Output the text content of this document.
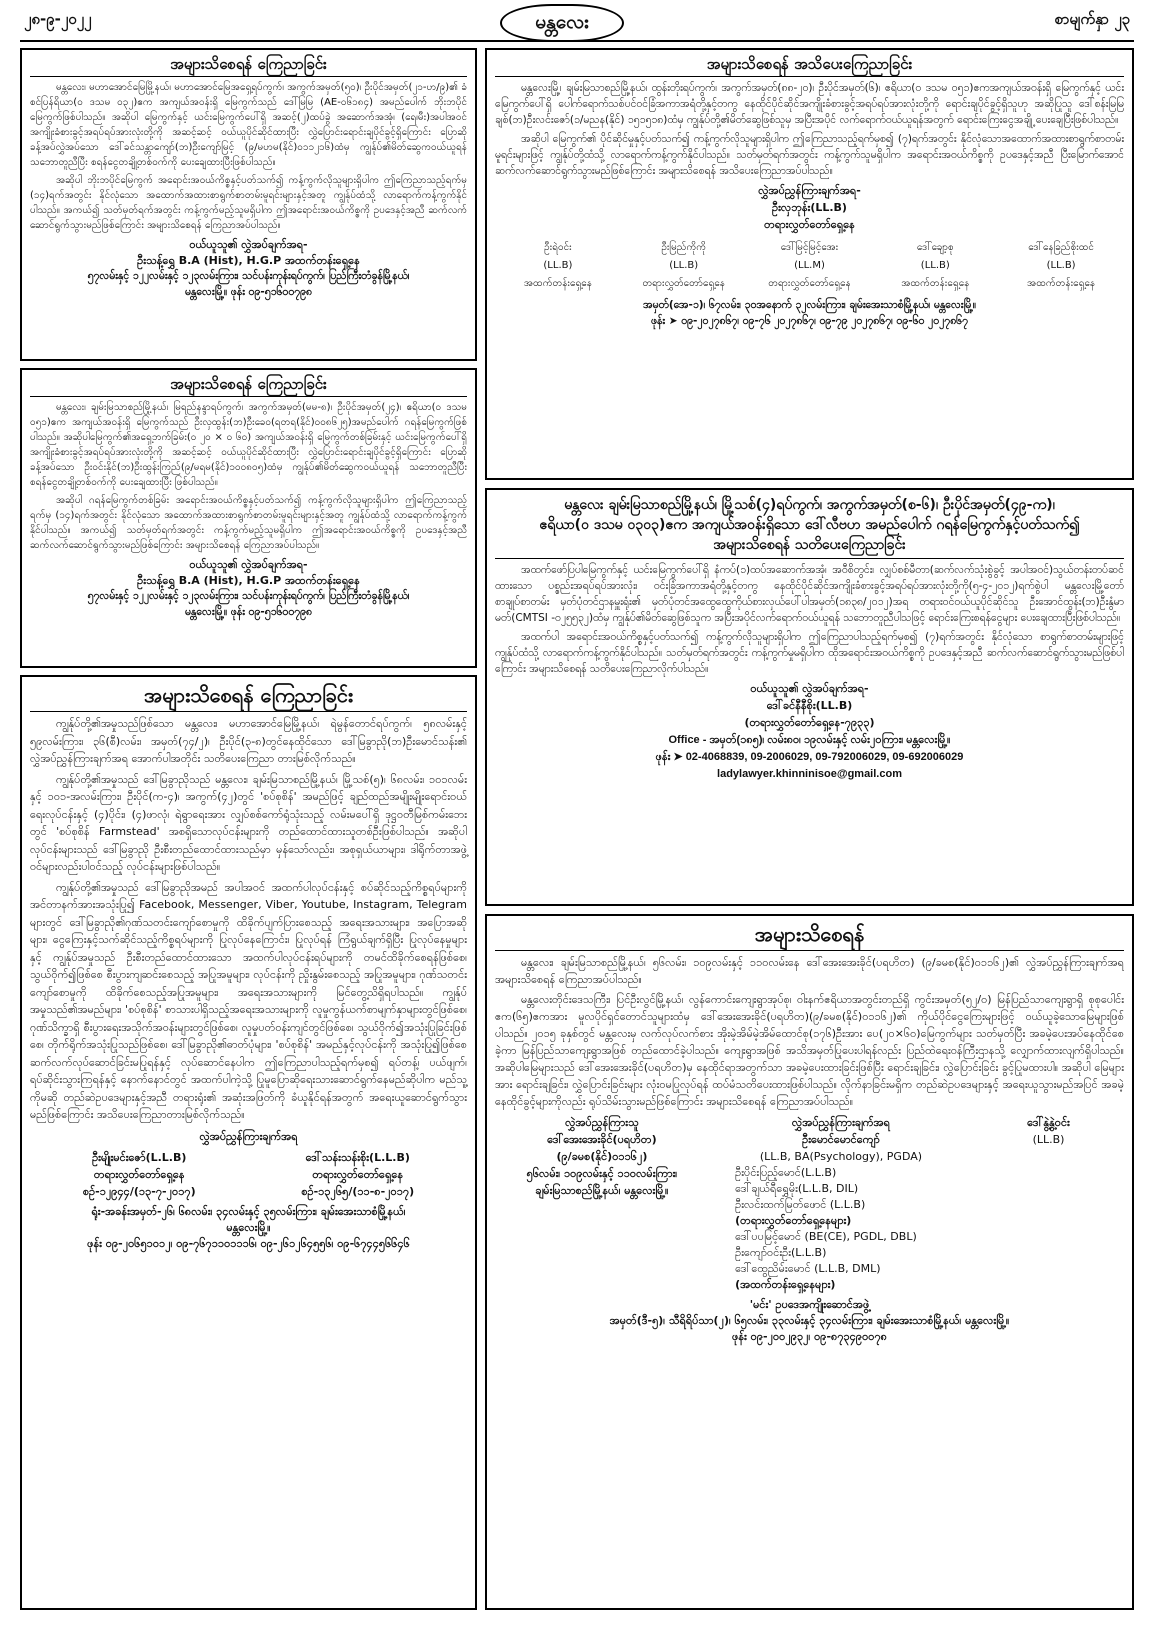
၂၈-၉-၂၀၂၂	မန္တလေး	စာမျက်နှာ ၂၃
အများသိစေရန် ကြေညာခြင်း

မန္တလေး၊ မဟာအောင်မြေမြို့နယ်၊ မဟာအောင်မြေအရှေ့ရပ်ကွက်၊ အကွက်အမှတ်(၅၀)၊ ဦးပိုင်အမှတ်(၂၁-ဟ/၉)၏ ခံစင်ပြန်ရိယာ(၀ ဒသမ ၀၃၂)ဧက အကျယ်အဝန်းရှိ မြေကွက်သည် ဒေါ်မြမြ (AE-၀၆၁၈၄) အမည်ပေါက် ဘိုးဘပိုင်မြေကွက်ဖြစ်ပါသည်။ အဆိုပါ မြေကွက်နှင့် ယင်းမြေကွက်ပေါ်ရှိ အဆင့်(၂)ထပ်ခွဲ အဆောက်အအုံ၊ (ရေ၊မီး)အပါအဝင် အကျိုးခံစားခွင့်အရပ်ရပ်အားလုံးတို့ကို အဆင့်ဆင့် ဝယ်ယူပိုင်ဆိုင်ထားပြီး လွှဲပြောင်းရောင်းချပိုင်ခွင့်ရှိကြောင်း ပြောဆိုခန့်အပ်လွှဲအပ်သော ဒေါ်ခင်သန္တာကျော်(ဘ)ဦးကျော်မြင့် (၉/မဟမ(နိုင်)၀၁၁၂၁၆)ထံမှ ကျွန်ုပ်၏မိတ်ဆွေကဝယ်ယူရန် သဘောတူညီပြီး စရန်ငွေတချို့တစ်ဝက်ကို ပေးချေထားပြီးဖြစ်ပါသည်။

အဆိုပါ ဘိုးဘပိုင်မြေကွက် အရောင်းအဝယ်ကိစ္စနှင့်ပတ်သက်၍ ကန့်ကွက်လိုသူများရှိပါက ဤကြေညာသည့်ရက်မှ (၁၄)ရက်အတွင်း နိုင်လုံသော အထောက်အထားစာရွက်စာတမ်းမူရင်းများနှင့်အတူ ကျွန်ုပ်ထံသို့ လာရောက်ကန့်ကွက်နိုင်ပါသည်။ အကယ်၍ သတ်မှတ်ရက်အတွင်း ကန့်ကွက်မည့်သူမရှိပါက ဤအရောင်းအဝယ်ကိစ္စကို ဥပဒေနှင့်အညီ ဆက်လက်ဆောင်ရွက်သွားမည်ဖြစ်ကြောင်း အများသိစေရန် ကြေညာအပ်ပါသည်။

ဝယ်ယူသူ၏ လွှဲအပ်ချက်အရ-
ဦးသန့်ရွှေ B.A (Hist), H.G.P အထက်တန်းရှေ့နေ
၅၇လမ်းနှင့် ၁၂၂လမ်းနှင့် ၁၂၃လမ်းကြား၊ သင်ပန်းကုန်းရပ်ကွက်၊ ပြည်ကြီးတံခွန်မြို့နယ်၊
မန္တလေးမြို့။ ဖုန်း ၀၉-၅၁၆၀၀၇၉၈
အများသိစေရန် ကြေညာခြင်း

မန္တလေး၊ ချမ်းမြသာစည်မြို့နယ်၊ မြရည်နန္ဒာရပ်ကွက်၊ အကွက်အမှတ်(မမ-၈)၊ ဦးပိုင်အမှတ်(၂၄)၊ ဧရိယာ(၀ ဒသမ ၀၅၁)ဧက အကျယ်အဝန်းရှိ မြေကွက်သည် ဦးလှထွန်း(ဘ)ဦးခေဝ(ရတရ(နိုင်)၀၀၈၆၂၅)အမည်ပေါက် ဂရန်မြေကွက်ဖြစ်ပါသည်။ အဆိုပါမြေကွက်၏အရှေ့ဘက်ခြမ်း(၀ ၂၀ × ၀ ၆၀) အကျယ်အဝန်းရှိ မြေကွက်တစ်ခြမ်းနှင့် ယင်းမြေကွက်ပေါ်ရှိ အကျိုးခံစားခွင့်အရပ်ရပ်အားလုံးတို့ကို အဆင့်ဆင့် ဝယ်ယူပိုင်ဆိုင်ထားပြီး လွှဲပြောင်းရောင်းချပိုင်ခွင့်ရှိကြောင်း ပြောဆိုခန့်အပ်သော ဦးဝင်းနိုင်(ဘ)ဦးထွန်းကြည်(၉/မရမ(နိုင်)၁၀၀၈၀၅)ထံမှ ကျွန်ုပ်၏မိတ်ဆွေကဝယ်ယူရန် သဘောတူညီပြီး စရန်ငွေတချို့တစ်ဝက်ကို ပေးချေထားပြီး ဖြစ်ပါသည်။

အဆိုပါ ဂရန်မြေကွက်တစ်ခြမ်း အရောင်းအဝယ်ကိစ္စနှင့်ပတ်သက်၍ ကန့်ကွက်လိုသူများရှိပါက ဤကြေညာသည့်ရက်မှ (၁၄)ရက်အတွင်း နိုင်လုံသော အထောက်အထားစာရွက်စာတမ်းမူရင်းများနှင့်အတူ ကျွန်ုပ်ထံသို့ လာရောက်ကန့်ကွက်နိုင်ပါသည်။ အကယ်၍ သတ်မှတ်ရက်အတွင်း ကန့်ကွက်မည့်သူမရှိပါက ဤအရောင်းအဝယ်ကိစ္စကို ဥပဒေနှင့်အညီ ဆက်လက်ဆောင်ရွက်သွားမည်ဖြစ်ကြောင်း အများသိစေရန် ကြေညာအပ်ပါသည်။

ဝယ်ယူသူ၏ လွှဲအပ်ချက်အရ-
ဦးသန့်ရွှေ B.A (Hist), H.G.P အထက်တန်းရှေ့နေ
၅၇လမ်းနှင့် ၁၂၂လမ်းနှင့် ၁၂၃လမ်းကြား၊ သင်ပန်းကုန်းရပ်ကွက်၊ ပြည်ကြီးတံခွန်မြို့နယ်၊
မန္တလေးမြို့။ ဖုန်း ၀၉-၅၁၆၀၀၇၉၈
အများသိစေရန် ကြေညာခြင်း

ကျွန်ုပ်တို့၏အမှုသည်ဖြစ်သော မန္တလေး၊ မဟာအောင်မြေမြို့နယ်၊ ရဲမွန်တောင်ရပ်ကွက်၊ ၅၈လမ်းနှင့် ၅၉လမ်းကြား၊ ၃၆(စီ)လမ်း၊ အမှတ်(၇၄/၂)၊ ဦးပိုင်(၃-၈)တွင်နေထိုင်သော ဒေါ်မြခွာညို(ဘ)ဦးမောင်သန်း၏ လွှဲအပ်ညွှန်ကြားချက်အရ အောက်ပါအတိုင်း သတိပေးကြေညာ တားမြစ်လိုက်သည်။

ကျွန်ုပ်တို့၏အမှုသည် ဒေါ်မြခွာညိုသည် မန္တလေး၊ ချမ်းမြသာစည်မြို့နယ်၊ မြို့သစ်(၅)၊ ၆၈လမ်း၊ ၁၀၁လမ်းနှင့် ၁၀၁-အလမ်းကြား၊ ဦးပိုင်(က-၄)၊ အကွက်(၄၂)တွင် 'စပ်စုစိန်' အမည်ဖြင့် ချည်ထည်အမျိုးမျိုးရောင်းဝယ်ရေးလုပ်ငန်းနှင့် (၄)ပိုင်း၊ (၄)ဖာလုံ၊ ရဲရွာရေးအား လျှပ်စစ်ကော်ရုံသုံးသည့် လမ်းမပေါ်ရှိ ဒုဋ္ဌဝတီမြစ်ကမ်းဘေးတွင် 'စပ်စုစိန် Farmstead' အစရှိသောလုပ်ငန်းများကို တည်ထောင်ထားသူတစ်ဦးဖြစ်ပါသည်။ အဆိုပါလုပ်ငန်းများသည် ဒေါ်မြခွာညို ဦးစီးတည်ထောင်ထားသည်မှာ မှန်သော်လည်း၊ အစုရှယ်ယာများ၊ ဒါရိုက်တာအဖွဲ့ဝင်များလည်းပါဝင်သည့် လုပ်ငန်းများဖြစ်ပါသည်။

ကျွန်ုပ်တို့၏အမှုသည် ဒေါ်မြခွာညိုအမည် အပါအဝင် အထက်ပါလုပ်ငန်းနှင့် စပ်ဆိုင်သည့်ကိစ္စရပ်များကို အင်တာနက်အားအသုံးပြု၍ Facebook, Messenger, Viber, Youtube, Instagram, Telegram များတွင် ဒေါ်မြခွာညို၏ဂုဏ်သတင်းကျော်စောမှုကို ထိခိုက်ပျက်ပြားစေသည့် အရေးအသားများ၊ အပြောအဆိုများ၊ ငွေကြေးနှင့်သက်ဆိုင်သည့်ကိစ္စရပ်များကို ပြုလုပ်နေကြောင်း၊ ပြုလုပ်ရန် ကြံရွယ်ချက်ရှိပြီး ပြုလုပ်နေမှုများနှင့် ကျွန်ုပ်အမှုသည် ဦးစီးတည်ထောင်ထားသော အထက်ပါလုပ်ငန်းရပ်များကို တမင်ထိခိုက်စေရန်ဖြစ်စေ၊ သွယ်ဝိုက်၍ဖြစ်စေ စီးပွားကျဆင်းစေသည့် အပြုအမူများ၊ လုပ်ငန်းကို ညှိုးနွမ်းစေသည့် အပြုအမူများ၊ ဂုဏ်သတင်းကျော်စောမှုကို ထိခိုက်စေသည့်အပြုအမူများ၊ အရေးအသားများကို မြင်တွေ့သိရှိရပါသည်။ ကျွန်ုပ်အမှုသည်၏အမည်များ၊ 'စပ်စုစိန်' စာသားပါရှိသည့်အရေးအသားများကို လူမှုကွန်ယက်စာမျက်နှာများတွင်ဖြစ်စေ၊ ဂုဏ်သိက္ခာရှိ စီးပွားရေးအသိုက်အဝန်းများတွင်ဖြစ်စေ၊ လူမှုပတ်ဝန်းကျင်တွင်ဖြစ်စေ၊ သွယ်ဝိုက်၍အသုံးပြုခြင်းဖြစ်စေ၊ တိုက်ရိုက်အသုံးပြုသည်ဖြစ်စေ၊ ဒေါ်မြခွာညို၏ဓာတ်ပုံများ၊ 'စပ်စုစိန်' အမည်နှင့်လုပ်ငန်းကို အသုံးပြု၍ဖြစ်စေ ဆက်လက်လုပ်ဆောင်ခြင်းမပြုရန်နှင့် လုပ်ဆောင်နေပါက ဤကြေညာပါသည့်ရက်မှစ၍ ရပ်တန့်၊ ပယ်ဖျက်၊ ရပ်ဆိုင်းသွားကြရန်နှင့် နောက်နောင်တွင် အထက်ပါကဲ့သို့ ပြုမူပြောဆိုရေးသားဆောင်ရွက်နေမည်ဆိုပါက မည်သူ့ကိုမဆို တည်ဆဲဥပဒေများနှင့်အညီ တရားရုံး၏ အဆုံးအဖြတ်ကို ခံယူနိုင်ရန်အတွက် အရေးယူဆောင်ရွက်သွားမည်ဖြစ်ကြောင်း အသိပေးကြေညာတားမြစ်လိုက်သည်။

လွှဲအပ်ညွှန်ကြားချက်အရ
ဦးမျိုးမင်းဇော်(L.L.B)
တရားလွှတ်တော်ရှေ့နေ
စဉ်-၁၂၉၄၄/(၁၃-၇-၂၀၁၇)
ဒေါ်သန်းသန်းစိုး(L.L.B)
တရားလွှတ်တော်ရှေ့နေ
စဉ်-၁၃၂၆၅/(၁၁-၈-၂၀၁၇)
ရုံး-အခန်းအမှတ်-၂၆၊ ၆၈လမ်း၊ ၃၄လမ်းနှင့် ၃၅လမ်းကြား၊ ချမ်းအေးသာစံမြို့နယ်၊
မန္တလေးမြို့။
ဖုန်း ၀၉-၂၀၆၅၁၀၁၂၊ ၀၉-၇၆၇၁၁၀၁၁၁၆၊ ၀၉-၂၆၁၂၆၄၅၅၆၊ ၀၉-၆၇၄၄၅၆၆၄၆
အများသိစေရန် အသိပေးကြေညာခြင်း

မန္တလေးမြို့၊ ချမ်းမြသာစည်မြို့နယ်၊ ထွန်းတိုးရပ်ကွက်၊ အကွက်အမှတ်(၈၈-၂၀)၊ ဦးပိုင်အမှတ်(၆)၊ ဧရိယာ(၀ ဒသမ ၀၅၁)ဧကအကျယ်အဝန်းရှိ မြေကွက်နှင့် ယင်းမြေကွက်ပေါ်ရှိ ပေါက်ရောက်သစ်ပင်ဝင်ခြံအကာအရံတို့နှင့်တကွ နေထိုင်ပိုင်ဆိုင်အကျိုးခံစားခွင့်အရပ်ရပ်အားလုံးတို့ကို ရောင်းချပိုင်ခွင့်ရှိသူဟု အဆိုပြုသူ ဒေါ်စန်းမြမြချစ်(ဘ)ဦးလင်းဇော်(၁/မညန(နိုင်) ၁၅၁၅၁၈)ထံမှ ကျွန်ုပ်တို့၏မိတ်ဆွေဖြစ်သူမှ အပြီးအပိုင် လက်ရောက်ဝယ်ယူရန်အတွက် ရောင်းကြေးငွေအချို့ ပေးချေပြီးဖြစ်ပါသည်။

အဆိုပါ မြေကွက်၏ ပိုင်ဆိုင်မှုနှင့်ပတ်သက်၍ ကန့်ကွက်လိုသူများရှိပါက ဤကြေညာသည့်ရက်မှစ၍ (၇)ရက်အတွင်း နိုင်လုံသောအထောက်အထားစာရွက်စာတမ်းမူရင်းများဖြင့် ကျွန်ုပ်တို့ထံသို့ လာရောက်ကန့်ကွက်နိုင်ပါသည်။ သတ်မှတ်ရက်အတွင်း ကန့်ကွက်သူမရှိပါက အရောင်းအဝယ်ကိစ္စကို ဥပဒေနှင့်အညီ ပြီးမြောက်အောင် ဆက်လက်ဆောင်ရွက်သွားမည်ဖြစ်ကြောင်း အများသိစေရန် အသိပေးကြေညာအပ်ပါသည်။

လွှဲအပ်ညွှန်ကြားချက်အရ-
ဦးလှဘုန်း(LL.B)
တရားလွှတ်တော်ရှေ့နေ
ဦးရဲဝင်း
(LL.B)
အထက်တန်းရှေ့နေ
ဦးမြည်ကိုကို
(LL.B)
တရားလွှတ်တော်ရှေ့နေ
ဒေါ်မြင့်မြင့်အေး
(LL.M)
တရားလွှတ်တော်ရှေ့နေ
ဒေါ်ချော့စု
(LL.B)
အထက်တန်းရှေ့နေ
ဒေါ်နေခြည်စိုးထင်
(LL.B)
အထက်တန်းရှေ့နေ
အမှတ်(အေ-၁)၊ ၆၇လမ်း၊ ၃၀အနောက် ၃၂လမ်းကြား၊ ချမ်းအေးသာစံမြို့နယ်၊ မန္တလေးမြို့။
ဖုန်း ➤ ၀၉-၂၀၂၇၈၆၇၊ ၀၉-၇၆ ၂၀၂၇၈၆၇၊ ၀၉-၇၉ ၂၀၂၇၈၆၇၊ ၀၉-၆၀ ၂၀၂၇၈၆၇
မန္တလေး ချမ်းမြသာစည်မြို့နယ်၊ မြို့သစ်(၄)ရပ်ကွက်၊ အကွက်အမှတ်(စ-၆)၊ ဦးပိုင်အမှတ်(၄၉-က)၊
ဧရိယာ(၀ ဒသမ ၀၃၀၃)ဧက အကျယ်အဝန်းရှိသော ဒေါ်လီဗဟ အမည်ပေါက် ဂရန်မြေကွက်နှင့်ပတ်သက်၍
အများသိစေရန် သတိပေးကြေညာခြင်း

အထက်ဖော်ပြပါမြေကွက်နှင့် ယင်းမြေကွက်ပေါ်ရှိ နံကပ်(၁)ထပ်အဆောက်အအုံ၊ အဝီစိတွင်း၊ လျှပ်စစ်မီတာ(ဆက်လက်သုံးစွဲခွင့် အပါအဝင်)သွယ်တန်းတပ်ဆင်ထားသော ပစ္စည်းအရပ်ရပ်အားလုံး၊ ဝင်းခြံအကာအရံတို့နှင့်တကွ နေထိုင်ပိုင်ဆိုင်အကျိုးခံစားခွင့်အရပ်ရပ်အားလုံးတို့ကို(၅-၄-၂၀၁၂)ရက်စွဲပါ မန္တလေးမြို့တော်စာချုပ်စာတမ်း မှတ်ပုံတင်ဌာနမှူးရုံး၏ မှတ်ပုံတင်အထွေထွေကိုယ်စားလှယ်ပေါ်ပါအမှတ်(၁၈၃၈/၂၀၁၂)အရ တရားဝင်ဝယ်ယူပိုင်ဆိုင်သူ ဦးအောင်ထွန်း(ဘ)ဦးနွံမာမတ်(CMTSI -၀၂၅၅၃၂)ထံမှ ကျွန်ုပ်၏မိတ်ဆွေဖြစ်သူက အပြီးအပိုင်လက်ရောက်ဝယ်ယူရန် သဘောတူညီပါသဖြင့် ရောင်းကြေးစရန်ငွေများ ပေးချေထားပြီးဖြစ်ပါသည်။

အထက်ပါ အရောင်းအဝယ်ကိစ္စနှင့်ပတ်သက်၍ ကန့်ကွက်လိုသူများရှိပါက ဤကြေညာပါသည့်ရက်မှစ၍ (၇)ရက်အတွင်း နိုင်လုံသော စာရွက်စာတမ်းများဖြင့် ကျွန်ုပ်ထံသို့ လာရောက်ကန့်ကွက်နိုင်ပါသည်။ သတ်မှတ်ရက်အတွင်း ကန့်ကွက်မှုမရှိပါက ထိုအရောင်းအဝယ်ကိစ္စကို ဥပဒေနှင့်အညီ ဆက်လက်ဆောင်ရွက်သွားမည်ဖြစ်ပါကြောင်း အများသိစေရန် သတိပေးကြေညာလိုက်ပါသည်။

ဝယ်ယူသူ၏ လွှဲအပ်ချက်အရ-
ဒေါ်ခင်နီနီစိုး(LL.B)
(တရားလွှတ်တော်ရှေ့နေ-၇၉၃၃)
Office - အမှတ်(၁၈၅)၊ လမ်း၈၀၊ ၁၉လမ်းနှင့် လမ်း၂၀ကြား၊ မန္တလေးမြို့။
ဖုန်း ➤ 02-4068839, 09-2006029, 09-792006029, 09-692006029
ladylawyer.khinninisoe@gmail.com
အများသိစေရန်

မန္တလေး၊ ချမ်းမြသာစည်မြို့နယ်၊ ၅၆လမ်း၊ ၁၀၉လမ်းနှင့် ၁၁၀လမ်းနေ ဒေါ်အေးအေးခိုင်(ပရဟိတ) (၉/ခမစ(နိုင်)၀၁၁၆၂)၏ လွှဲအပ်ညွှန်ကြားချက်အရ အများသိစေရန် ကြေညာအပ်ပါသည်။

မန္တလေးတိုင်းဒေသကြီး၊ ပြင်ဦးလွင်မြို့နယ်၊ လွန်ကောင်းကျေးရွာအုပ်စု၊ ဝါးနက်ဧရိယာအတွင်းတည်ရှိ ကွင်းအမှတ်(၅၂/၀) မြန်ပြည်သာကျေးရွာရှိ စုစုပေါင်းဧက(၆၅)ဧကအား မူလပိုင်ရှင်တောင်သူများထံမှ ဒေါ်အေးအေးခိုင်(ပရဟိတ)(၉/ခမစ(နိုင်)၀၁၁၆၂)၏ ကိုယ်ပိုင်ငွေကြေးများဖြင့် ဝယ်ယူခဲ့သောမြေများဖြစ်ပါသည်။ ၂၀၁၅ ခုနှစ်တွင် မန္တလေးမှ လက်လုပ်လက်စား အိုးမဲ့အိမ်မဲ့အိမ်ထောင်စု(၁၇၆)ဦးအား ပေ(၂၀×၆၀)မြေကွက်များ သတ်မှတ်ပြီး အခမဲ့ပေးအပ်နေထိုင်စေခဲ့ကာ မြန်ပြည်သာကျေးရွာအဖြစ် တည်ထောင်ခဲ့ပါသည်။ ကျေးရွာအဖြစ် အသိအမှတ်ပြုပေးပါရန်လည်း ပြည်ထဲရေးဝန်ကြီးဌာနသို့ လျှောက်ထားလျက်ရှိပါသည်။ အဆိုပါမြေများသည် ဒေါ်အေးအေးခိုင်(ပရဟိတ)မှ နေထိုင်ရာအတွက်သာ အခမဲ့ပေးထားခြင်းဖြစ်ပြီး ရောင်းချခြင်း၊ လွှဲပြောင်းခြင်း ခွင့်ပြုမထားပါ။ အဆိုပါ မြေများအား ရောင်းချခြင်း၊ လွှဲပြောင်းခြင်းများ လုံးဝမပြုလုပ်ရန် ထပ်မံသတိပေးထားဖြစ်ပါသည်။ လိုက်နာခြင်းမရှိက တည်ဆဲဥပဒေများနှင့် အရေးယူသွားမည်အပြင် အခမဲ့နေထိုင်ခွင့်များကိုလည်း ရုပ်သိမ်းသွားမည်ဖြစ်ကြောင်း အများသိစေရန် ကြေညာအပ်ပါသည်။

လွှဲအပ်ညွှန်ကြားသူ
ဒေါ်အေးအေးခိုင်(ပရဟိတ)
(၉/ခမစ(နိုင်)၀၁၁၆၂)
၅၆လမ်း၊ ၁၀၉လမ်းနှင့် ၁၁၀လမ်းကြား၊
ချမ်းမြသာစည်မြို့နယ်၊ မန္တလေးမြို့။
လွှဲအပ်ညွှန်ကြားချက်အရ
ဦးမောင်မောင်ကျော်
(LL.B, BA(Psychology), PGDA)
ဦးပိုင်းပြည့်မောင်(L.L.B)
ဒေါ်ချယ်ရီရွှေမိုး(L.L.B, DIL)
ဦးလင်းထက်မြတ်ဖောင် (L.L.B)
(တရားလွှတ်တော်ရှေ့နေများ)
ဒေါ်ပပမြင့်မောင် (BE(CE), PGDL, DBL)
ဦးကျော်ဝင်းဦး(L.L.B)
ဒေါ်ထွေညိမ်းမောင် (L.L.B, DML)
(အထက်တန်းရှေ့နေများ)
ဒေါ်နွဲ့နွဲ့ဝင်း
(LL.B)
'မင်း' ဥပဒေအကျိုးဆောင်အဖွဲ့
အမှတ်(ဒီ-၅)၊ သီရိရိပ်သာ(၂)၊ ၆၅လမ်း၊ ၃၃လမ်းနှင့် ၃၄လမ်းကြား၊ ချမ်းအေးသာစံမြို့နယ်၊ မန္တလေးမြို့။
ဖုန်း ၀၉-၂၀၀၂၉၃၂၊ ၀၉-၈၇၃၄၉၀၀၇၈
